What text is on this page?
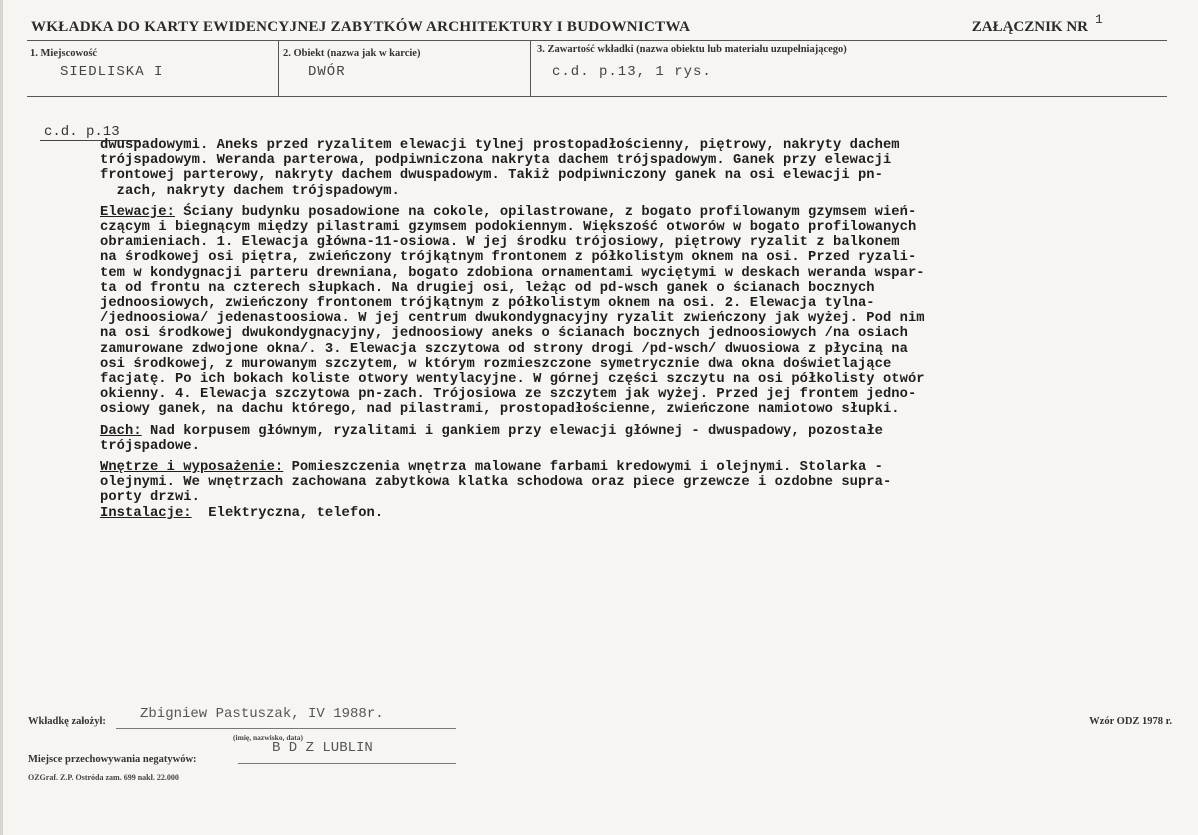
WKŁADKA DO KARTY EWIDENCYJNEJ ZABYTKÓW ARCHITEKTURY I BUDOWNICTWA	ZAŁĄCZNIK NR 1
1. Miejscowość
SIEDLISKA I
2. Obiekt (nazwa jak w karcie)
DWÓR
3. Zawartość wkładki (nazwa obiektu lub materiału uzupełniającego)
c.d. p.13, 1 rys.
c.d. p.13

dwuspadowymi. Aneks przed ryzalitem elewacji tylnej prostopadłościenny, piętrowy, nakryty dachem
trójspadowym. Weranda parterowa, podpiwniczona nakryta dachem trójspadowym. Ganek przy elewacji
frontowej parterowy, nakryty dachem dwuspadowym. Takiż podpiwniczony ganek na osi elewacji pn-
zach, nakryty dachem trójspadowym.

Elewacje: Ściany budynku posadowione na cokole, opilastrowane, z bogato profilowanym gzymsem wień-
czącym i biegnącym między pilastrami gzymsem podokiennym. Większość otworów w bogato profilowanych
obramieniach. 1. Elewacja główna-11-osiowa. W jej środku trójosiowy, piętrowy ryzalit z balkonem
na środkowej osi piętra, zwieńczony trójkątnym frontonem z półkolistym oknem na osi. Przed ryzali-
tem w kondygnacji parteru drewniana, bogato zdobiona ornamentami wyciętymi w deskach weranda wspar-
ta od frontu na czterech słupkach. Na drugiej osi, leżąc od pd-wsch ganek o ścianach bocznych
jednoosiowych, zwieńczony frontonem trójkątnym z półkolistym oknem na osi. 2. Elewacja tylna-
/jednoosiowa/ jedenastoosiowa. W jej centrum dwukondygnacyjny ryzalit zwieńczony jak wyżej. Pod nim
na osi środkowej dwukondygnacyjny, jednoosiowy aneks o ścianach bocznych jednoosiowych /na osiach
zamurowane zdwojone okna/. 3. Elewacja szczytowa od strony drogi /pd-wsch/ dwuosiowa z płyciną na
osi środkowej, z murowanym szczytem, w którym rozmieszczone symetrycznie dwa okna doświetlające
facjatę. Po ich bokach koliste otwory wentylacyjne. W górnej części szczytu na osi półkolisty otwór
okienny. 4. Elewacja szczytowa pn-zach. Trójosiowa ze szczytem jak wyżej. Przed jej frontem jedno-
osiowy ganek, na dachu którego, nad pilastrami, prostopadłościenne, zwieńczone namiotowo słupki.

Dach: Nad korpusem głównym, ryzalitami i gankiem przy elewacji głównej - dwuspadowy, pozostałe
trójspadowe.

Wnętrze i wyposażenie: Pomieszczenia wnętrza malowane farbami kredowymi i olejnymi. Stolarka -
olejnymi. We wnętrzach zachowana zabytkowa klatka schodowa oraz piece grzewcze i ozdobne supra-
porty drzwi.

Instalacje:  Elektryczna, telefon.

Wkładkę założył: Zbigniew Pastuszak, IV 1988r.
(imię, nazwisko, data)
Miejsce przechowywania negatywów:
B D Z LUBLIN
OZGraf. Z.P. Ostróda zam. 699 nakł. 22.000
Wzór ODZ 1978 r.
